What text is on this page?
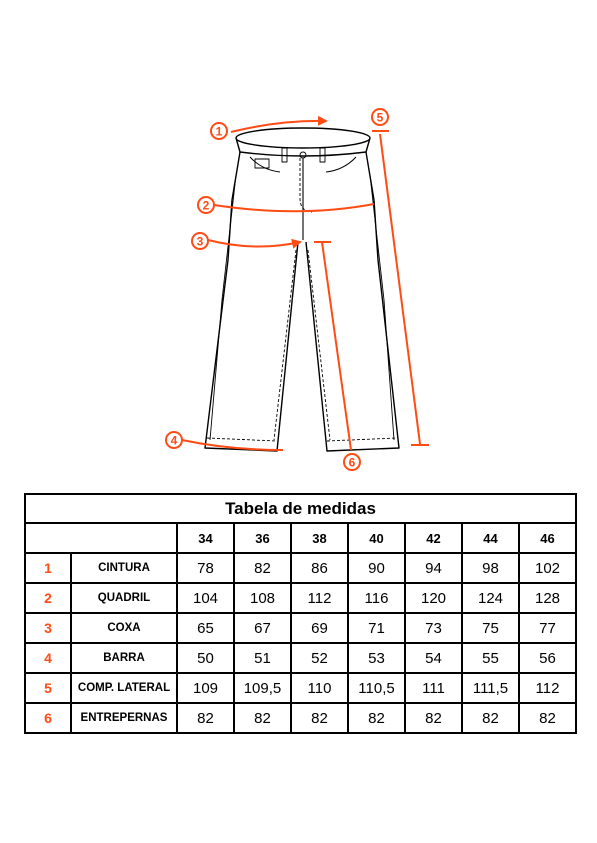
1
2
3
4
5
6
Tabela de medidas								
		34	36	38	40	42	44	46
1	CINTURA	78	82	86	90	94	98	102
2	QUADRIL	104	108	112	116	120	124	128
3	COXA	65	67	69	71	73	75	77
4	BARRA	50	51	52	53	54	55	56
5	COMP. LATERAL	109	109,5	110	110,5	111	111,5	112
6	ENTREPERNAS	82	82	82	82	82	82	82
